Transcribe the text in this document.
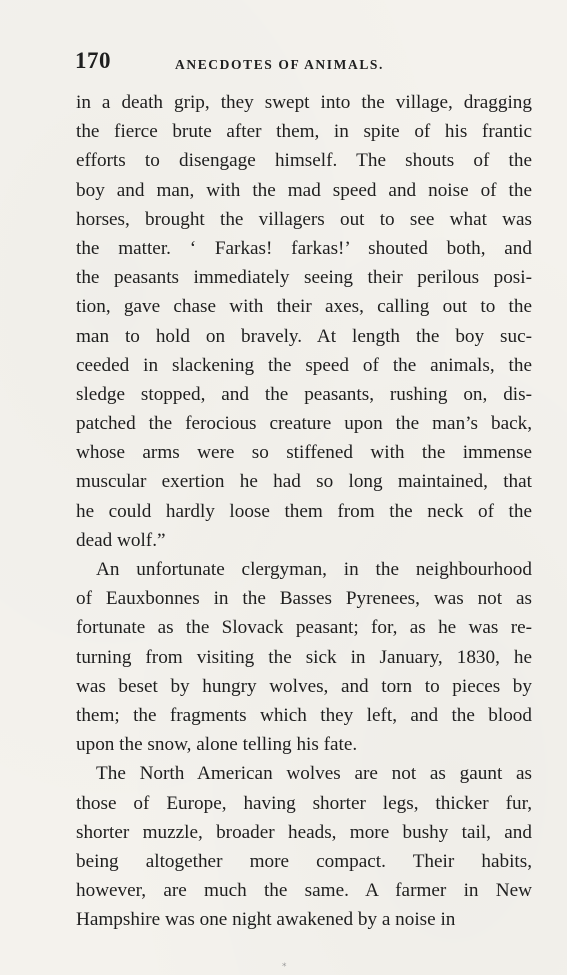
170	ANECDOTES OF ANIMALS.
in a death grip, they swept into the village, dragging
the fierce brute after them, in spite of his frantic
efforts to disengage himself. The shouts of the
boy and man, with the mad speed and noise of the
horses, brought the villagers out to see what was
the matter. ‘ Farkas! farkas!’ shouted both, and
the peasants immediately seeing their perilous posi-
tion, gave chase with their axes, calling out to the
man to hold on bravely. At length the boy suc-
ceeded in slackening the speed of the animals, the
sledge stopped, and the peasants, rushing on, dis-
patched the ferocious creature upon the man’s back,
whose arms were so stiffened with the immense
muscular exertion he had so long maintained, that
he could hardly loose them from the neck of the
dead wolf.”
An unfortunate clergyman, in the neighbourhood
of Eauxbonnes in the Basses Pyrenees, was not as
fortunate as the Slovack peasant; for, as he was re-
turning from visiting the sick in January, 1830, he
was beset by hungry wolves, and torn to pieces by
them; the fragments which they left, and the blood
upon the snow, alone telling his fate.
The North American wolves are not as gaunt as
those of Europe, having shorter legs, thicker fur,
shorter muzzle, broader heads, more bushy tail, and
being altogether more compact. Their habits,
however, are much the same. A farmer in New
Hampshire was one night awakened by a noise in
*
